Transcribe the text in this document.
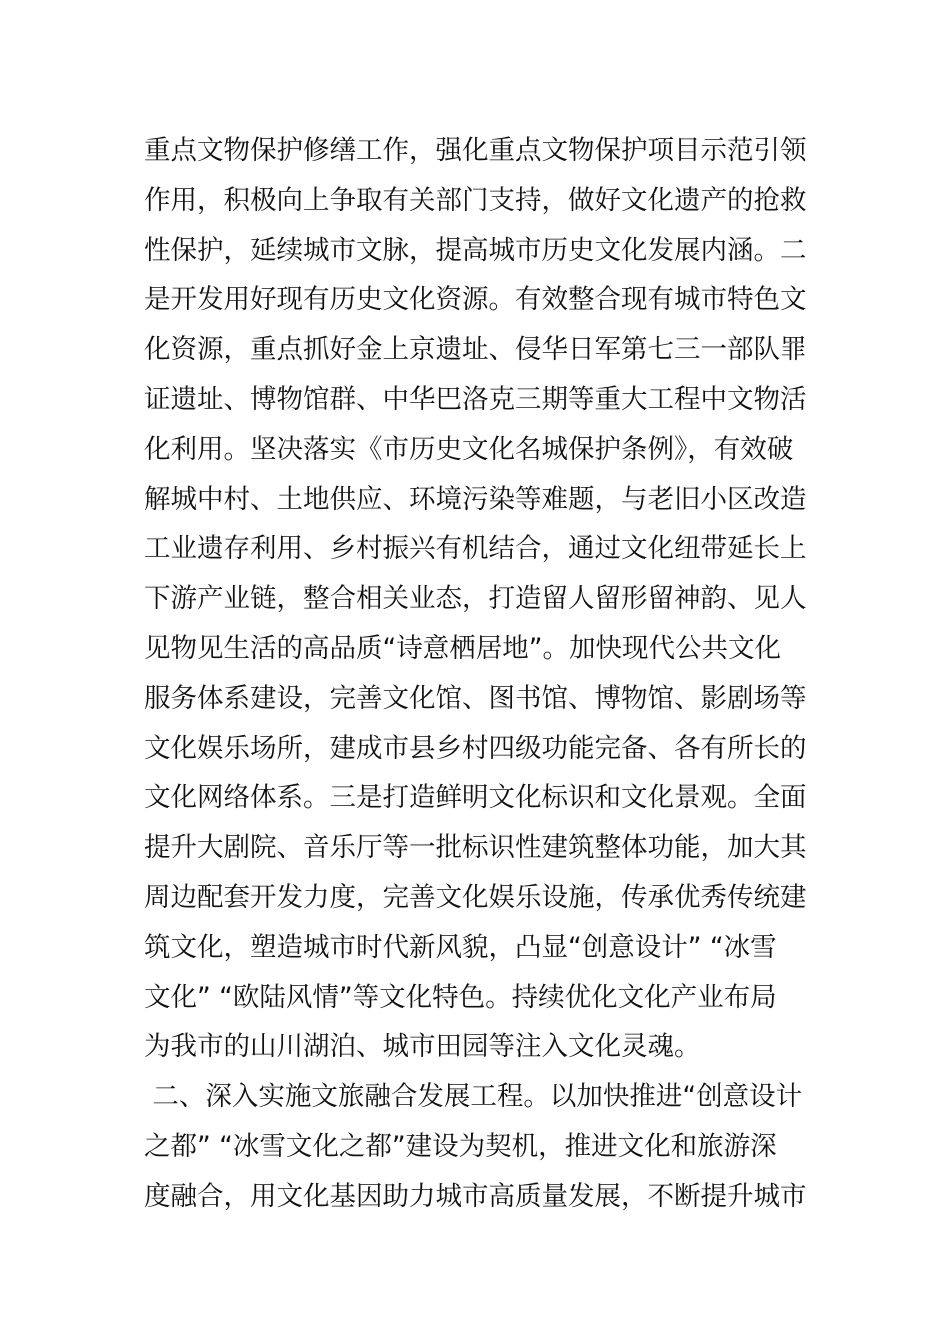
重点文物保护修缮工作，强化重点文物保护项目示范引领
作用，积极向上争取有关部门支持，做好文化遗产的抢救
性保护，延续城市文脉，提高城市历史文化发展内涵。二
是开发用好现有历史文化资源。有效整合现有城市特色文
化资源，重点抓好金上京遗址、侵华日军第七三一部队罪
证遗址、博物馆群、中华巴洛克三期等重大工程中文物活
化利用。坚决落实《市历史文化名城保护条例》，有效破
解城中村、土地供应、环境污染等难题，与老旧小区改造
工业遗存利用、乡村振兴有机结合，通过文化纽带延长上
下游产业链，整合相关业态，打造留人留形留神韵、见人
见物见生活的高品质“诗意栖居地”。加快现代公共文化
服务体系建设，完善文化馆、图书馆、博物馆、影剧场等
文化娱乐场所，建成市县乡村四级功能完备、各有所长的
文化网络体系。三是打造鲜明文化标识和文化景观。全面
提升大剧院、音乐厅等一批标识性建筑整体功能，加大其
周边配套开发力度，完善文化娱乐设施，传承优秀传统建
筑文化，塑造城市时代新风貌，凸显“创意设计” “冰雪
文化” “欧陆风情”等文化特色。持续优化文化产业布局
为我市的山川湖泊、城市田园等注入文化灵魂。
二、深入实施文旅融合发展工程。以加快推进“创意设计
之都” “冰雪文化之都”建设为契机，推进文化和旅游深
度融合，用文化基因助力城市高质量发展，不断提升城市
